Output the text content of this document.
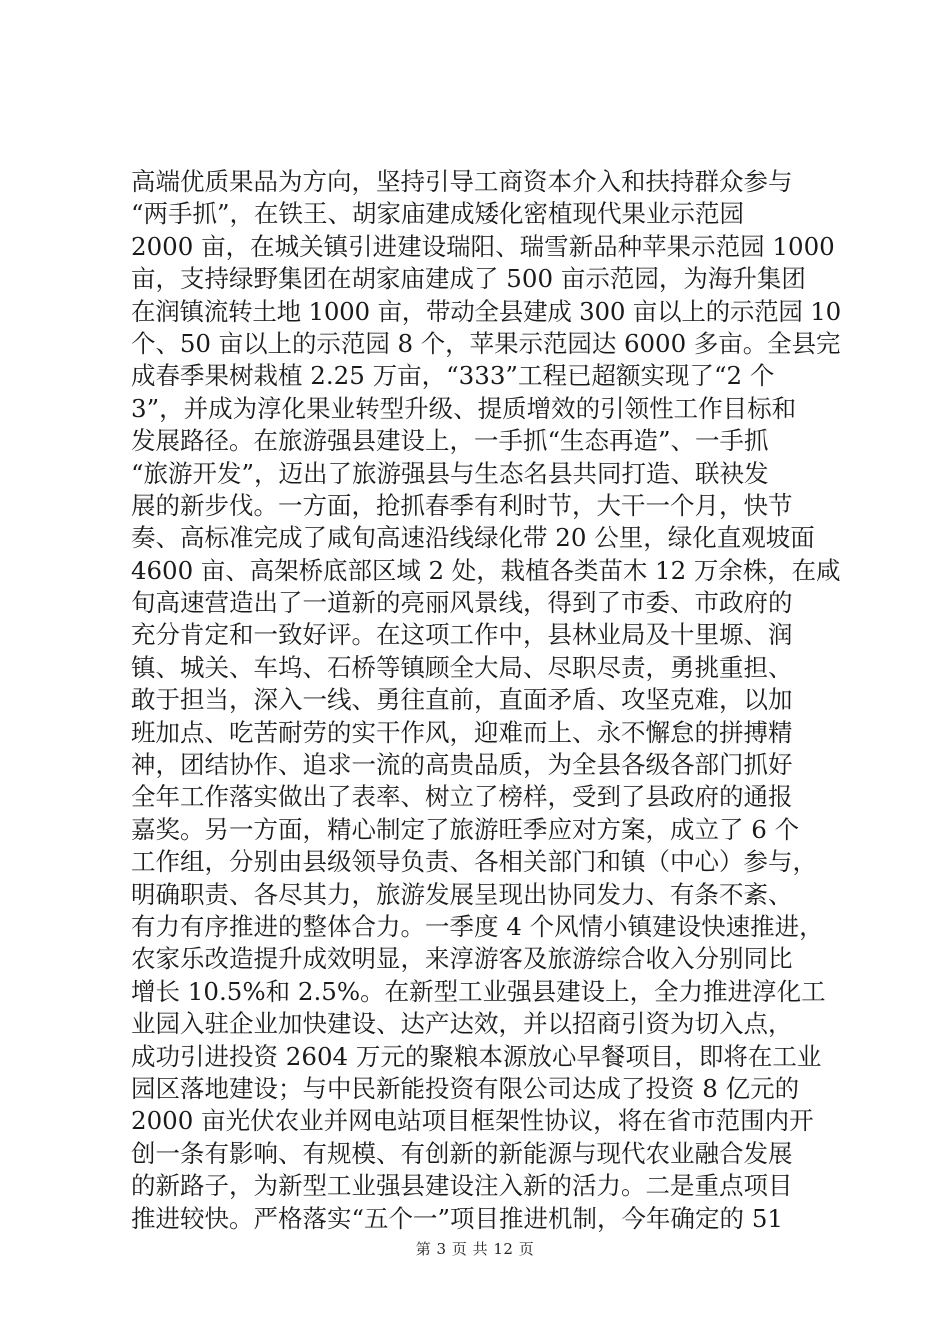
高端优质果品为方向，坚持引导工商资本介入和扶持群众参与
“两手抓”，在铁王、胡家庙建成矮化密植现代果业示范园
2000 亩，在城关镇引进建设瑞阳、瑞雪新品种苹果示范园 1000
亩，支持绿野集团在胡家庙建成了 500 亩示范园，为海升集团
在润镇流转土地 1000 亩，带动全县建成 300 亩以上的示范园 10
个、50 亩以上的示范园 8 个，苹果示范园达 6000 多亩。全县完
成春季果树栽植 2.25 万亩，“333”工程已超额实现了“2 个
3”，并成为淳化果业转型升级、提质增效的引领性工作目标和
发展路径。在旅游强县建设上，一手抓“生态再造”、一手抓
“旅游开发”，迈出了旅游强县与生态名县共同打造、联袂发
展的新步伐。一方面，抢抓春季有利时节，大干一个月，快节
奏、高标准完成了咸旬高速沿线绿化带 20 公里，绿化直观坡面
4600 亩、高架桥底部区域 2 处，栽植各类苗木 12 万余株，在咸
旬高速营造出了一道新的亮丽风景线，得到了市委、市政府的
充分肯定和一致好评。在这项工作中，县林业局及十里塬、润
镇、城关、车坞、石桥等镇顾全大局、尽职尽责，勇挑重担、
敢于担当，深入一线、勇往直前，直面矛盾、攻坚克难，以加
班加点、吃苦耐劳的实干作风，迎难而上、永不懈怠的拼搏精
神，团结协作、追求一流的高贵品质，为全县各级各部门抓好
全年工作落实做出了表率、树立了榜样，受到了县政府的通报
嘉奖。另一方面，精心制定了旅游旺季应对方案，成立了 6 个
工作组，分别由县级领导负责、各相关部门和镇（中心）参与，
明确职责、各尽其力，旅游发展呈现出协同发力、有条不紊、
有力有序推进的整体合力。一季度 4 个风情小镇建设快速推进，
农家乐改造提升成效明显，来淳游客及旅游综合收入分别同比
增长 10.5%和 2.5%。在新型工业强县建设上，全力推进淳化工
业园入驻企业加快建设、达产达效，并以招商引资为切入点，
成功引进投资 2604 万元的聚粮本源放心早餐项目，即将在工业
园区落地建设；与中民新能投资有限公司达成了投资 8 亿元的
2000 亩光伏农业并网电站项目框架性协议，将在省市范围内开
创一条有影响、有规模、有创新的新能源与现代农业融合发展
的新路子，为新型工业强县建设注入新的活力。二是重点项目
推进较快。严格落实“五个一”项目推进机制，今年确定的 51
第 3 页 共 12 页
